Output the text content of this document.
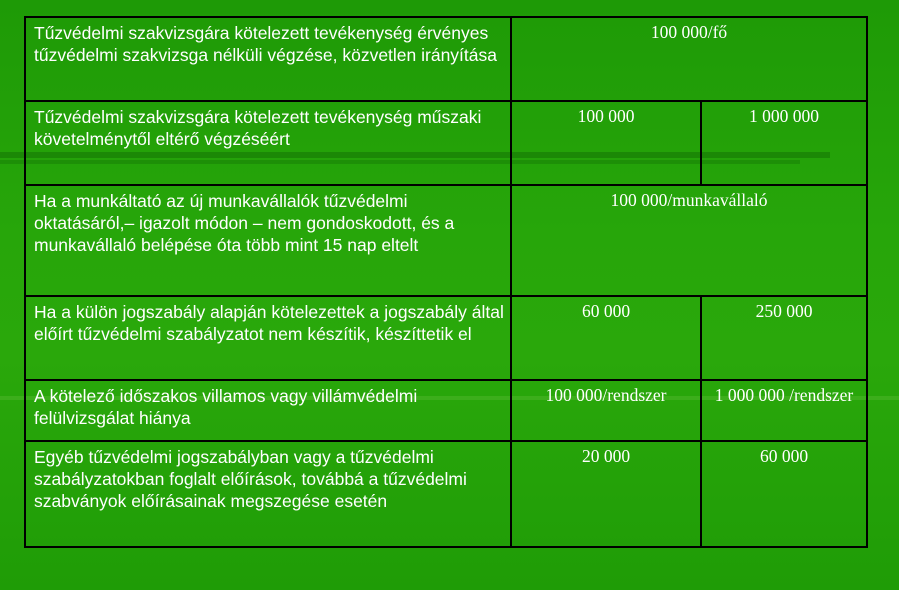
Tűzvédelmi szakvizsgára kötelezett tevékenység érvényes tűzvédelmi szakvizsga nélküli végzése, közvetlen irányítása	100 000/fő	
Tűzvédelmi szakvizsgára kötelezett tevékenység műszaki követelménytől eltérő végzéséért	100 000	1 000 000
Ha a munkáltató az új munkavállalók tűzvédelmi oktatásáról,– igazolt módon – nem gondoskodott, és a munkavállaló belépése óta több mint 15 nap eltelt	100 000/munkavállaló	
Ha a külön jogszabály alapján kötelezettek a jogszabály által előírt tűzvédelmi szabályzatot nem készítik, készíttetik el	60 000	250 000
A kötelező időszakos villamos vagy villámvédelmi felülvizsgálat hiánya	100 000/rendszer	1 000 000 /rendszer
Egyéb tűzvédelmi jogszabályban vagy a tűzvédelmi szabályzatokban foglalt előírások, továbbá a tűzvédelmi szabványok előírásainak megszegése esetén	20 000	60 000
